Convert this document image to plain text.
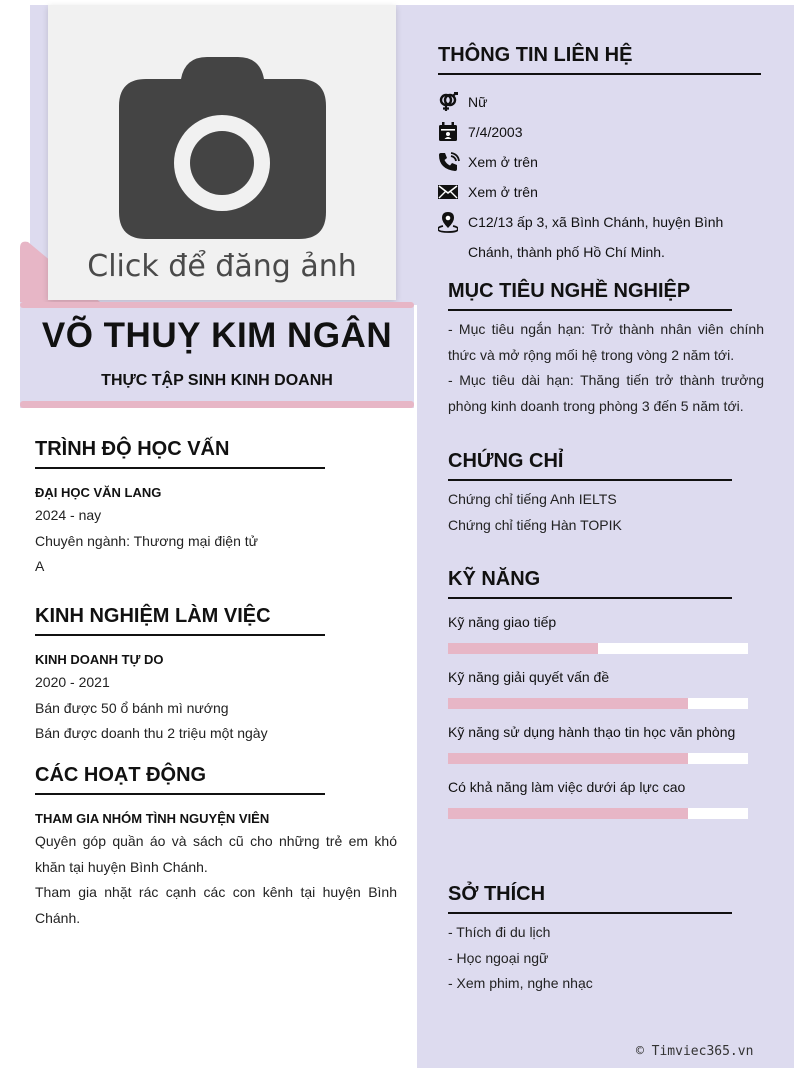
Click để đăng ảnh
VÕ THUỴ KIM NGÂN
THỰC TẬP SINH KINH DOANH
TRÌNH ĐỘ HỌC VẤN
ĐẠI HỌC VĂN LANG

2024 - nay

Chuyên ngành: Thương mại điện tử

A

KINH NGHIỆM LÀM VIỆC
KINH DOANH TỰ DO

2020 - 2021

Bán được 50 ổ bánh mì nướng

Bán được doanh thu 2 triệu một ngày

CÁC HOẠT ĐỘNG
THAM GIA NHÓM TÌNH NGUYỆN VIÊN

Quyên góp quần áo và sách cũ cho những trẻ em khó khăn tại huyện Bình Chánh.

Tham gia nhặt rác cạnh các con kênh tại huyện Bình Chánh.

THÔNG TIN LIÊN HỆ
Nữ
7/4/2003
Xem ở trên
Xem ở trên
C12/13 ấp 3, xã Bình Chánh, huyện Bình Chánh, thành phố Hồ Chí Minh.
MỤC TIÊU NGHỀ NGHIỆP

- Mục tiêu ngắn hạn: Trở thành nhân viên chính thức và mở rộng mối hệ trong vòng 2 năm tới.

- Mục tiêu dài hạn: Thăng tiến trở thành trưởng phòng kinh doanh trong phòng 3 đến 5 năm tới.

CHỨNG CHỈ

Chứng chỉ tiếng Anh IELTS

Chứng chỉ tiếng Hàn TOPIK

KỸ NĂNG
Kỹ năng giao tiếp
Kỹ năng giải quyết vấn đề
Kỹ năng sử dụng hành thạo tin học văn phòng
Có khả năng làm việc dưới áp lực cao
SỞ THÍCH

- Thích đi du lịch

- Học ngoại ngữ

- Xem phim, nghe nhạc

© Timviec365.vn
